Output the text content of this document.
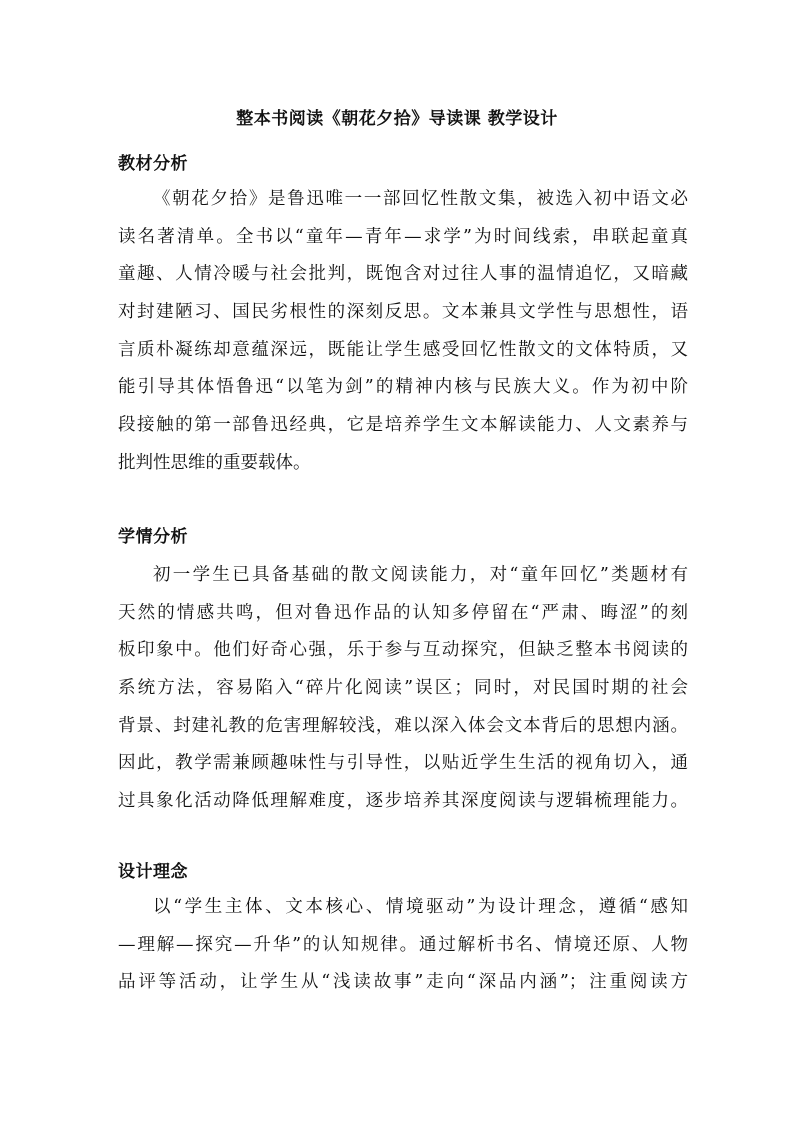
整本书阅读《朝花夕拾》导读课 教学设计
教材分析
《朝花夕拾》是鲁迅唯一一部回忆性散文集，被选入初中语文必
读名著清单。全书以“童年—青年—求学”为时间线索，串联起童真
童趣、人情冷暖与社会批判，既饱含对过往人事的温情追忆，又暗藏
对封建陋习、国民劣根性的深刻反思。文本兼具文学性与思想性，语
言质朴凝练却意蕴深远，既能让学生感受回忆性散文的文体特质，又
能引导其体悟鲁迅“以笔为剑”的精神内核与民族大义。作为初中阶
段接触的第一部鲁迅经典，它是培养学生文本解读能力、人文素养与
批判性思维的重要载体。
学情分析
初一学生已具备基础的散文阅读能力，对“童年回忆”类题材有
天然的情感共鸣，但对鲁迅作品的认知多停留在“严肃、晦涩”的刻
板印象中。他们好奇心强，乐于参与互动探究，但缺乏整本书阅读的
系统方法，容易陷入“碎片化阅读”误区；同时，对民国时期的社会
背景、封建礼教的危害理解较浅，难以深入体会文本背后的思想内涵。
因此，教学需兼顾趣味性与引导性，以贴近学生生活的视角切入，通
过具象化活动降低理解难度，逐步培养其深度阅读与逻辑梳理能力。
设计理念
以“学生主体、文本核心、情境驱动”为设计理念，遵循“感知
—理解—探究—升华”的认知规律。通过解析书名、情境还原、人物
品评等活动，让学生从“浅读故事”走向“深品内涵”；注重阅读方
